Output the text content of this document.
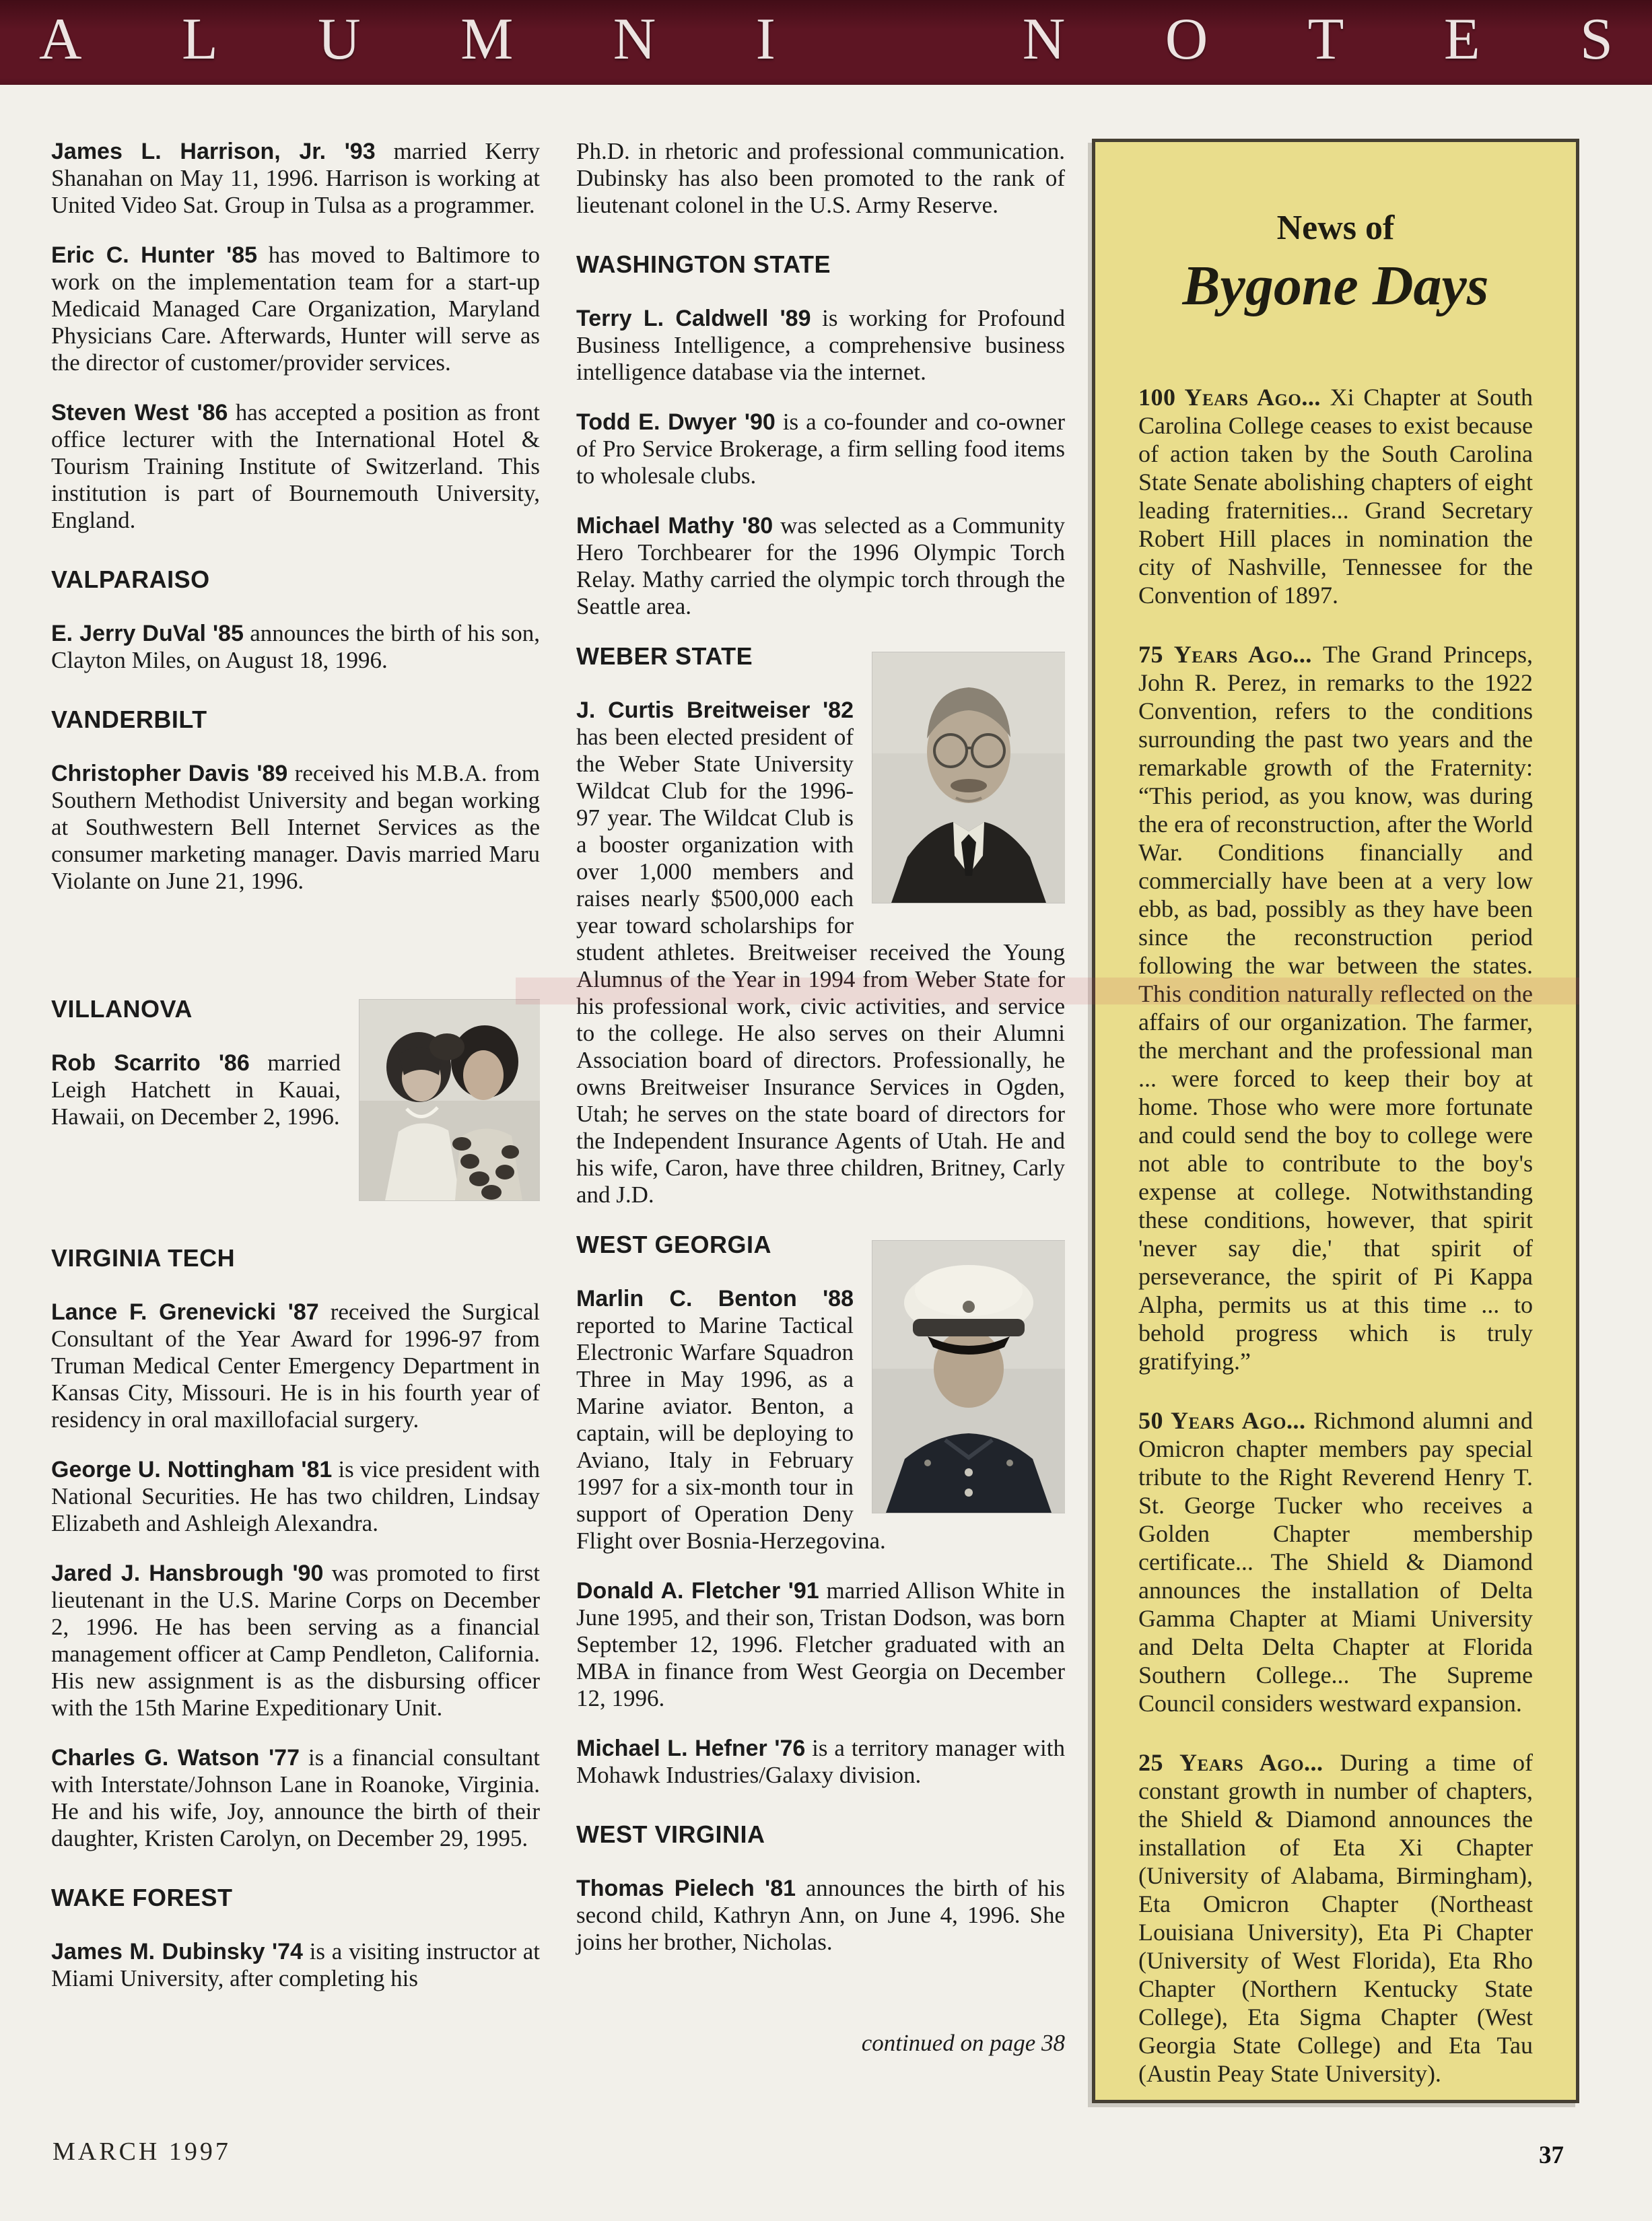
A L U M N I	N O T E S

James L. Harrison, Jr. '93 married Kerry Shanahan on May 11, 1996. Harrison is working at United Video Sat. Group in Tulsa as a programmer.

Eric C. Hunter '85 has moved to Baltimore to work on the implementation team for a start-up Medicaid Managed Care Organization, Maryland Physicians Care. Afterwards, Hunter will serve as the director of customer/provider services.

Steven West '86 has accepted a position as front office lecturer with the International Hotel & Tourism Training Institute of Switzerland. This institution is part of Bournemouth University, England.

VALPARAISO

E. Jerry DuVal '85 announces the birth of his son, Clayton Miles, on August 18, 1996.

VANDERBILT

Christopher Davis '89 received his M.B.A. from Southern Methodist University and began working at Southwestern Bell Internet Services as the consumer marketing manager. Davis married Maru Violante on June 21, 1996.

VILLANOVA

Rob Scarrito '86 married Leigh Hatchett in Kauai, Hawaii, on December 2, 1996.

VIRGINIA TECH

Lance F. Grenevicki '87 received the Surgical Consultant of the Year Award for 1996-97 from Truman Medical Center Emergency Department in Kansas City, Missouri. He is in his fourth year of residency in oral maxillofacial surgery.

George U. Nottingham '81 is vice president with National Securities. He has two children, Lindsay Elizabeth and Ashleigh Alexandra.

Jared J. Hansbrough '90 was promoted to first lieutenant in the U.S. Marine Corps on December 2, 1996. He has been serving as a financial management officer at Camp Pendleton, California. His new assignment is as the disbursing officer with the 15th Marine Expeditionary Unit.

Charles G. Watson '77 is a financial consultant with Interstate/Johnson Lane in Roanoke, Virginia. He and his wife, Joy, announce the birth of their daughter, Kristen Carolyn, on December 29, 1995.

WAKE FOREST

James M. Dubinsky '74 is a visiting instructor at Miami University, after completing his

Ph.D. in rhetoric and professional communication. Dubinsky has also been promoted to the rank of lieutenant colonel in the U.S. Army Reserve.

WASHINGTON STATE

Terry L. Caldwell '89 is working for Profound Business Intelligence, a comprehensive business intelligence database via the internet.

Todd E. Dwyer '90 is a co-founder and co-owner of Pro Service Brokerage, a firm selling food items to wholesale clubs.

Michael Mathy '80 was selected as a Community Hero Torchbearer for the 1996 Olympic Torch Relay. Mathy carried the olympic torch through the Seattle area.

WEBER STATE

J. Curtis Breitweiser '82 has been elected president of the Weber State University Wildcat Club for the 1996-97 year. The Wildcat Club is a booster organization with over 1,000 members and raises nearly $500,000 each year toward scholarships for student athletes. Breitweiser received the Young Alumnus of the Year in 1994 from Weber State for his professional work, civic activities, and service to the college. He also serves on their Alumni Association board of directors. Professionally, he owns Breitweiser Insurance Services in Ogden, Utah; he serves on the state board of directors for the Independent Insurance Agents of Utah. He and his wife, Caron, have three children, Britney, Carly and J.D.

WEST GEORGIA

Marlin C. Benton '88 reported to Marine Tactical Electronic Warfare Squadron Three in May 1996, as a Marine aviator. Benton, a captain, will be deploying to Aviano, Italy in February 1997 for a six-month tour in support of Operation Deny Flight over Bosnia-Herzegovina.

Donald A. Fletcher '91 married Allison White in June 1995, and their son, Tristan Dodson, was born September 12, 1996. Fletcher graduated with an MBA in finance from West Georgia on December 12, 1996.

Michael L. Hefner '76 is a territory manager with Mohawk Industries/Galaxy division.

WEST VIRGINIA

Thomas Pielech '81 announces the birth of his second child, Kathryn Ann, on June 4, 1996. She joins her brother, Nicholas.

continued on page 38

News of
Bygone Days

100 Years Ago... Xi Chapter at South Carolina College ceases to exist because of action taken by the South Carolina State Senate abolishing chapters of eight leading fraternities... Grand Secretary Robert Hill places in nomination the city of Nashville, Tennessee for the Convention of 1897.

75 Years Ago... The Grand Princeps, John R. Perez, in remarks to the 1922 Convention, refers to the conditions surrounding the past two years and the remarkable growth of the Fraternity: “This period, as you know, was during the era of reconstruction, after the World War. Conditions financially and commercially have been at a very low ebb, as bad, possibly as they have been since the reconstruction period following the war between the states. This condition naturally reflected on the affairs of our organization. The farmer, the merchant and the professional man ... were forced to keep their boy at home. Those who were more fortunate and could send the boy to college were not able to contribute to the boy's expense at college. Notwithstanding these conditions, however, that spirit 'never say die,' that spirit of perseverance, the spirit of Pi Kappa Alpha, permits us at this time ... to behold progress which is truly gratifying.”

50 Years Ago... Richmond alumni and Omicron chapter members pay special tribute to the Right Reverend Henry T. St. George Tucker who receives a Golden Chapter membership certificate... The Shield & Diamond announces the installation of Delta Gamma Chapter at Miami University and Delta Delta Chapter at Florida Southern College... The Supreme Council considers westward expansion.

25 Years Ago... During a time of constant growth in number of chapters, the Shield & Diamond announces the installation of Eta Xi Chapter (University of Alabama, Birmingham), Eta Omicron Chapter (Northeast Louisiana University), Eta Pi Chapter (University of West Florida), Eta Rho Chapter (Northern Kentucky State College), Eta Sigma Chapter (West Georgia State College) and Eta Tau (Austin Peay State University).

MARCH 1997	37
